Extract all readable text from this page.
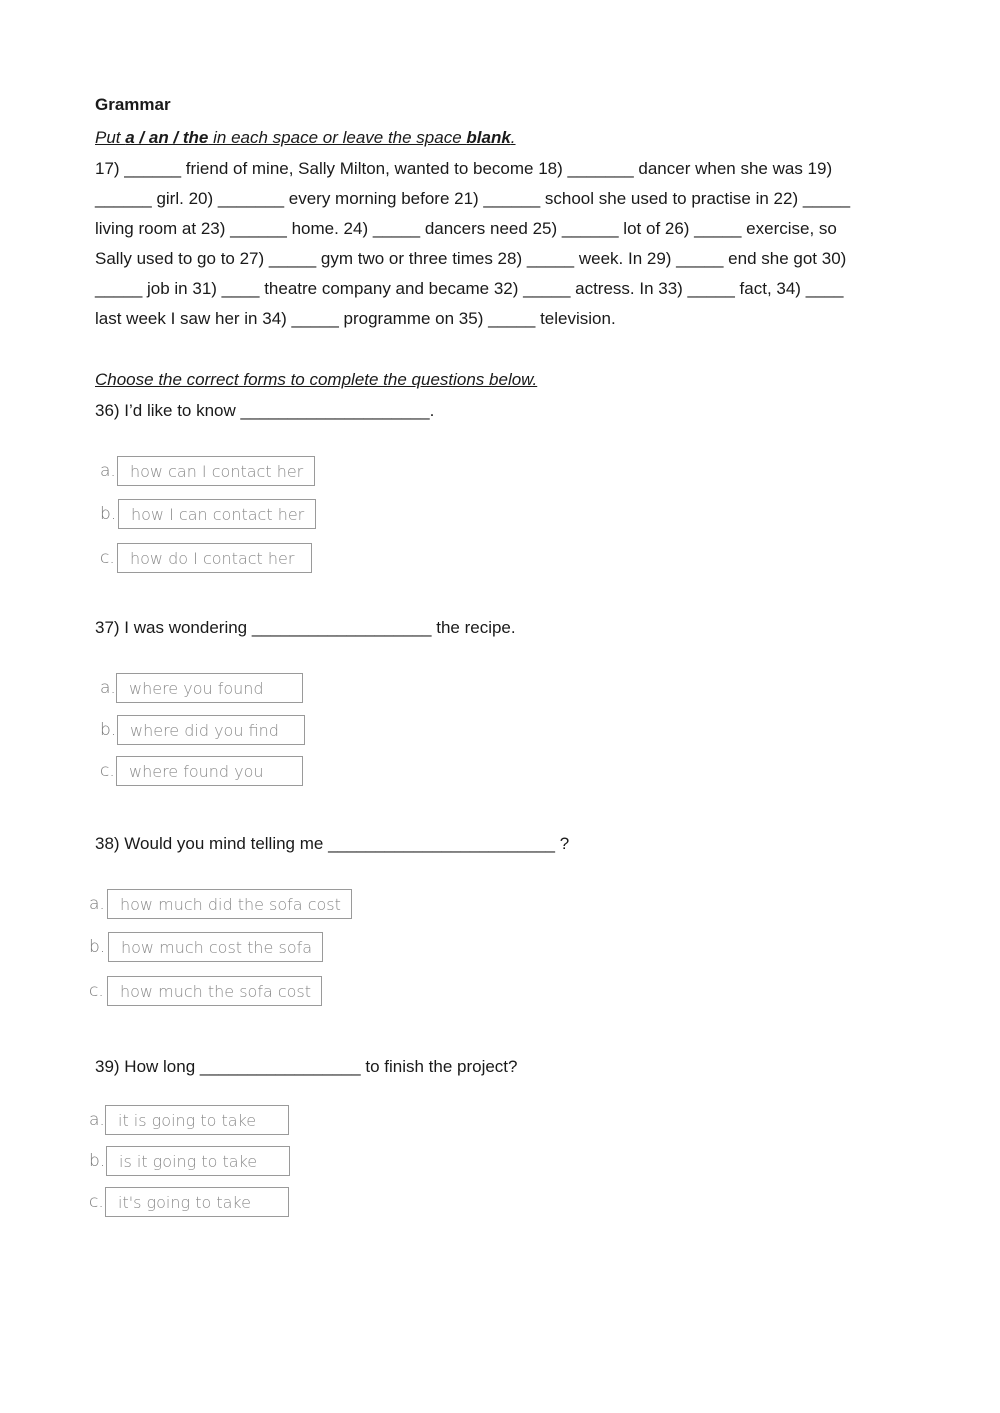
Grammar

Put a / an / the in each space or leave the space blank.

17) ______ friend of mine, Sally Milton, wanted to become 18) _______ dancer when she was 19)
______ girl. 20) _______ every morning before 21) ______ school she used to practise in 22) _____
living room at 23) ______ home. 24) _____ dancers need 25) ______ lot of 26) _____ exercise, so
Sally used to go to 27) _____ gym two or three times 28) _____ week. In 29) _____ end she got 30)
_____ job in 31) ____ theatre company and became 32) _____ actress. In 33) _____ fact, 34) ____
last week I saw her in 34) _____ programme on 35) _____ television.

Choose the correct forms to complete the questions below.

36) I’d like to know ____________________.

a. how can I contact her
b. how I can contact her
c. how do I contact her

37) I was wondering ___________________ the recipe.

a. where you found
b. where did you find
c. where found you

38) Would you mind telling me ________________________ ?

a. how much did the sofa cost
b. how much cost the sofa
c.	how much the sofa cost

39) How long _________________ to finish the project?

a. it is going to take
b. is it going to take
c. it's going to take
